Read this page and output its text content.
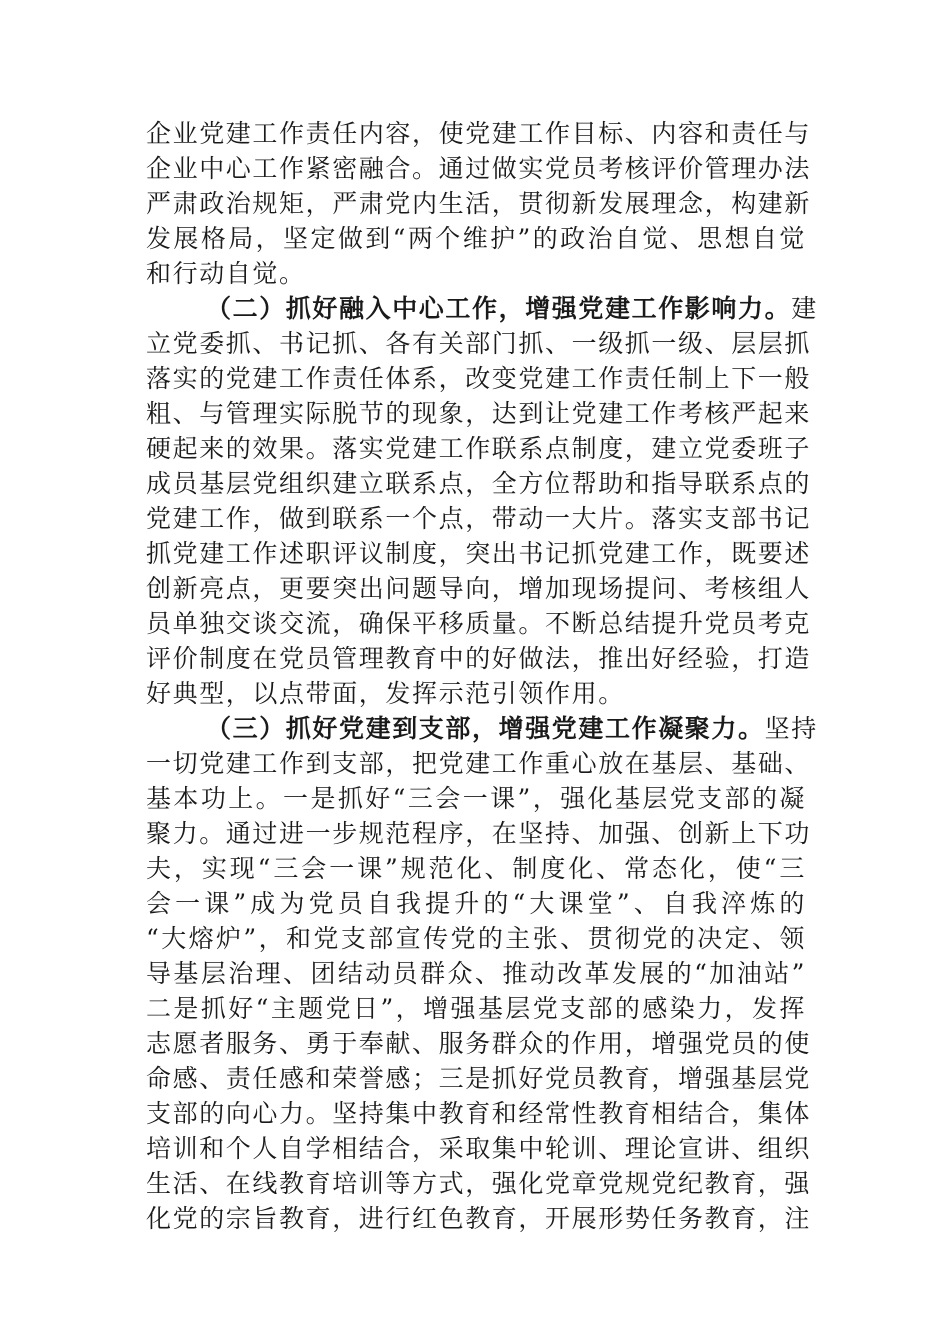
企业党建工作责任内容，使党建工作目标、内容和责任与
企业中心工作紧密融合。通过做实党员考核评价管理办法
严肃政治规矩，严肃党内生活，贯彻新发展理念，构建新
发展格局，坚定做到“两个维护”的政治自觉、思想自觉
和行动自觉。
（二）抓好融入中心工作，增强党建工作影响力。建
立党委抓、书记抓、各有关部门抓、一级抓一级、层层抓
落实的党建工作责任体系，改变党建工作责任制上下一般
粗、与管理实际脱节的现象，达到让党建工作考核严起来
硬起来的效果。落实党建工作联系点制度，建立党委班子
成员基层党组织建立联系点，全方位帮助和指导联系点的
党建工作，做到联系一个点，带动一大片。落实支部书记
抓党建工作述职评议制度，突出书记抓党建工作，既要述
创新亮点，更要突出问题导向，增加现场提问、考核组人
员单独交谈交流，确保平移质量。不断总结提升党员考克
评价制度在党员管理教育中的好做法，推出好经验，打造
好典型，以点带面，发挥示范引领作用。
（三）抓好党建到支部，增强党建工作凝聚力。坚持
一切党建工作到支部，把党建工作重心放在基层、基础、
基本功上。一是抓好“三会一课”，强化基层党支部的凝
聚力。通过进一步规范程序，在坚持、加强、创新上下功
夫，实现“三会一课”规范化、制度化、常态化，使“三
会一课”成为党员自我提升的“大课堂”、自我淬炼的
“大熔炉”，和党支部宣传党的主张、贯彻党的决定、领
导基层治理、团结动员群众、推动改革发展的“加油站”
二是抓好“主题党日”，增强基层党支部的感染力，发挥
志愿者服务、勇于奉献、服务群众的作用，增强党员的使
命感、责任感和荣誉感；三是抓好党员教育，增强基层党
支部的向心力。坚持集中教育和经常性教育相结合，集体
培训和个人自学相结合，采取集中轮训、理论宣讲、组织
生活、在线教育培训等方式，强化党章党规党纪教育，强
化党的宗旨教育，进行红色教育，开展形势任务教育，注
